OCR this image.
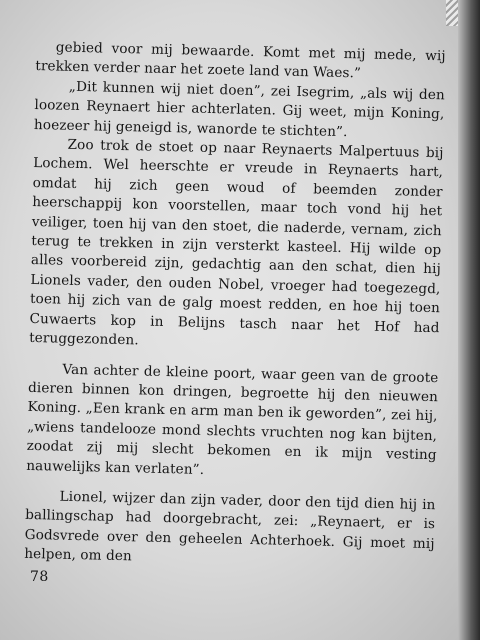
gebied voor mij bewaarde. Komt met mij mede, wij trekken verder naar het zoete land van Waes.”

„Dit kunnen wij niet doen”, zei Isegrim, „als wij den loozen Reynaert hier achterlaten. Gij weet, mijn Koning, hoezeer hij geneigd is, wanorde te stichten”.

Zoo trok de stoet op naar Reynaerts Malpertuus bij Lochem. Wel heerschte er vreude in Reynaerts hart, omdat hij zich geen woud of beemden zonder heerschappij kon voorstellen, maar toch vond hij het veiliger, toen hij van den stoet, die naderde, vernam, zich terug te trekken in zijn versterkt kasteel. Hij wilde op alles voorbereid zijn, gedachtig aan den schat, dien hij Lionels vader, den ouden Nobel, vroeger had toegezegd, toen hij zich van de galg moest redden, en hoe hij toen Cuwaerts kop in Belijns tasch naar het Hof had teruggezonden.

Van achter de kleine poort, waar geen van de groote dieren binnen kon dringen, begroette hij den nieuwen Koning. „Een krank en arm man ben ik geworden”, zei hij, „wiens tandelooze mond slechts vruchten nog kan bijten, zoodat zij mij slecht bekomen en ik mijn vesting nauwelijks kan verlaten”.

Lionel, wijzer dan zijn vader, door den tijd dien hij in ballingschap had doorgebracht, zei: „Reynaert, er is Godsvrede over den geheelen Achterhoek. Gij moet mij helpen, om den

78
